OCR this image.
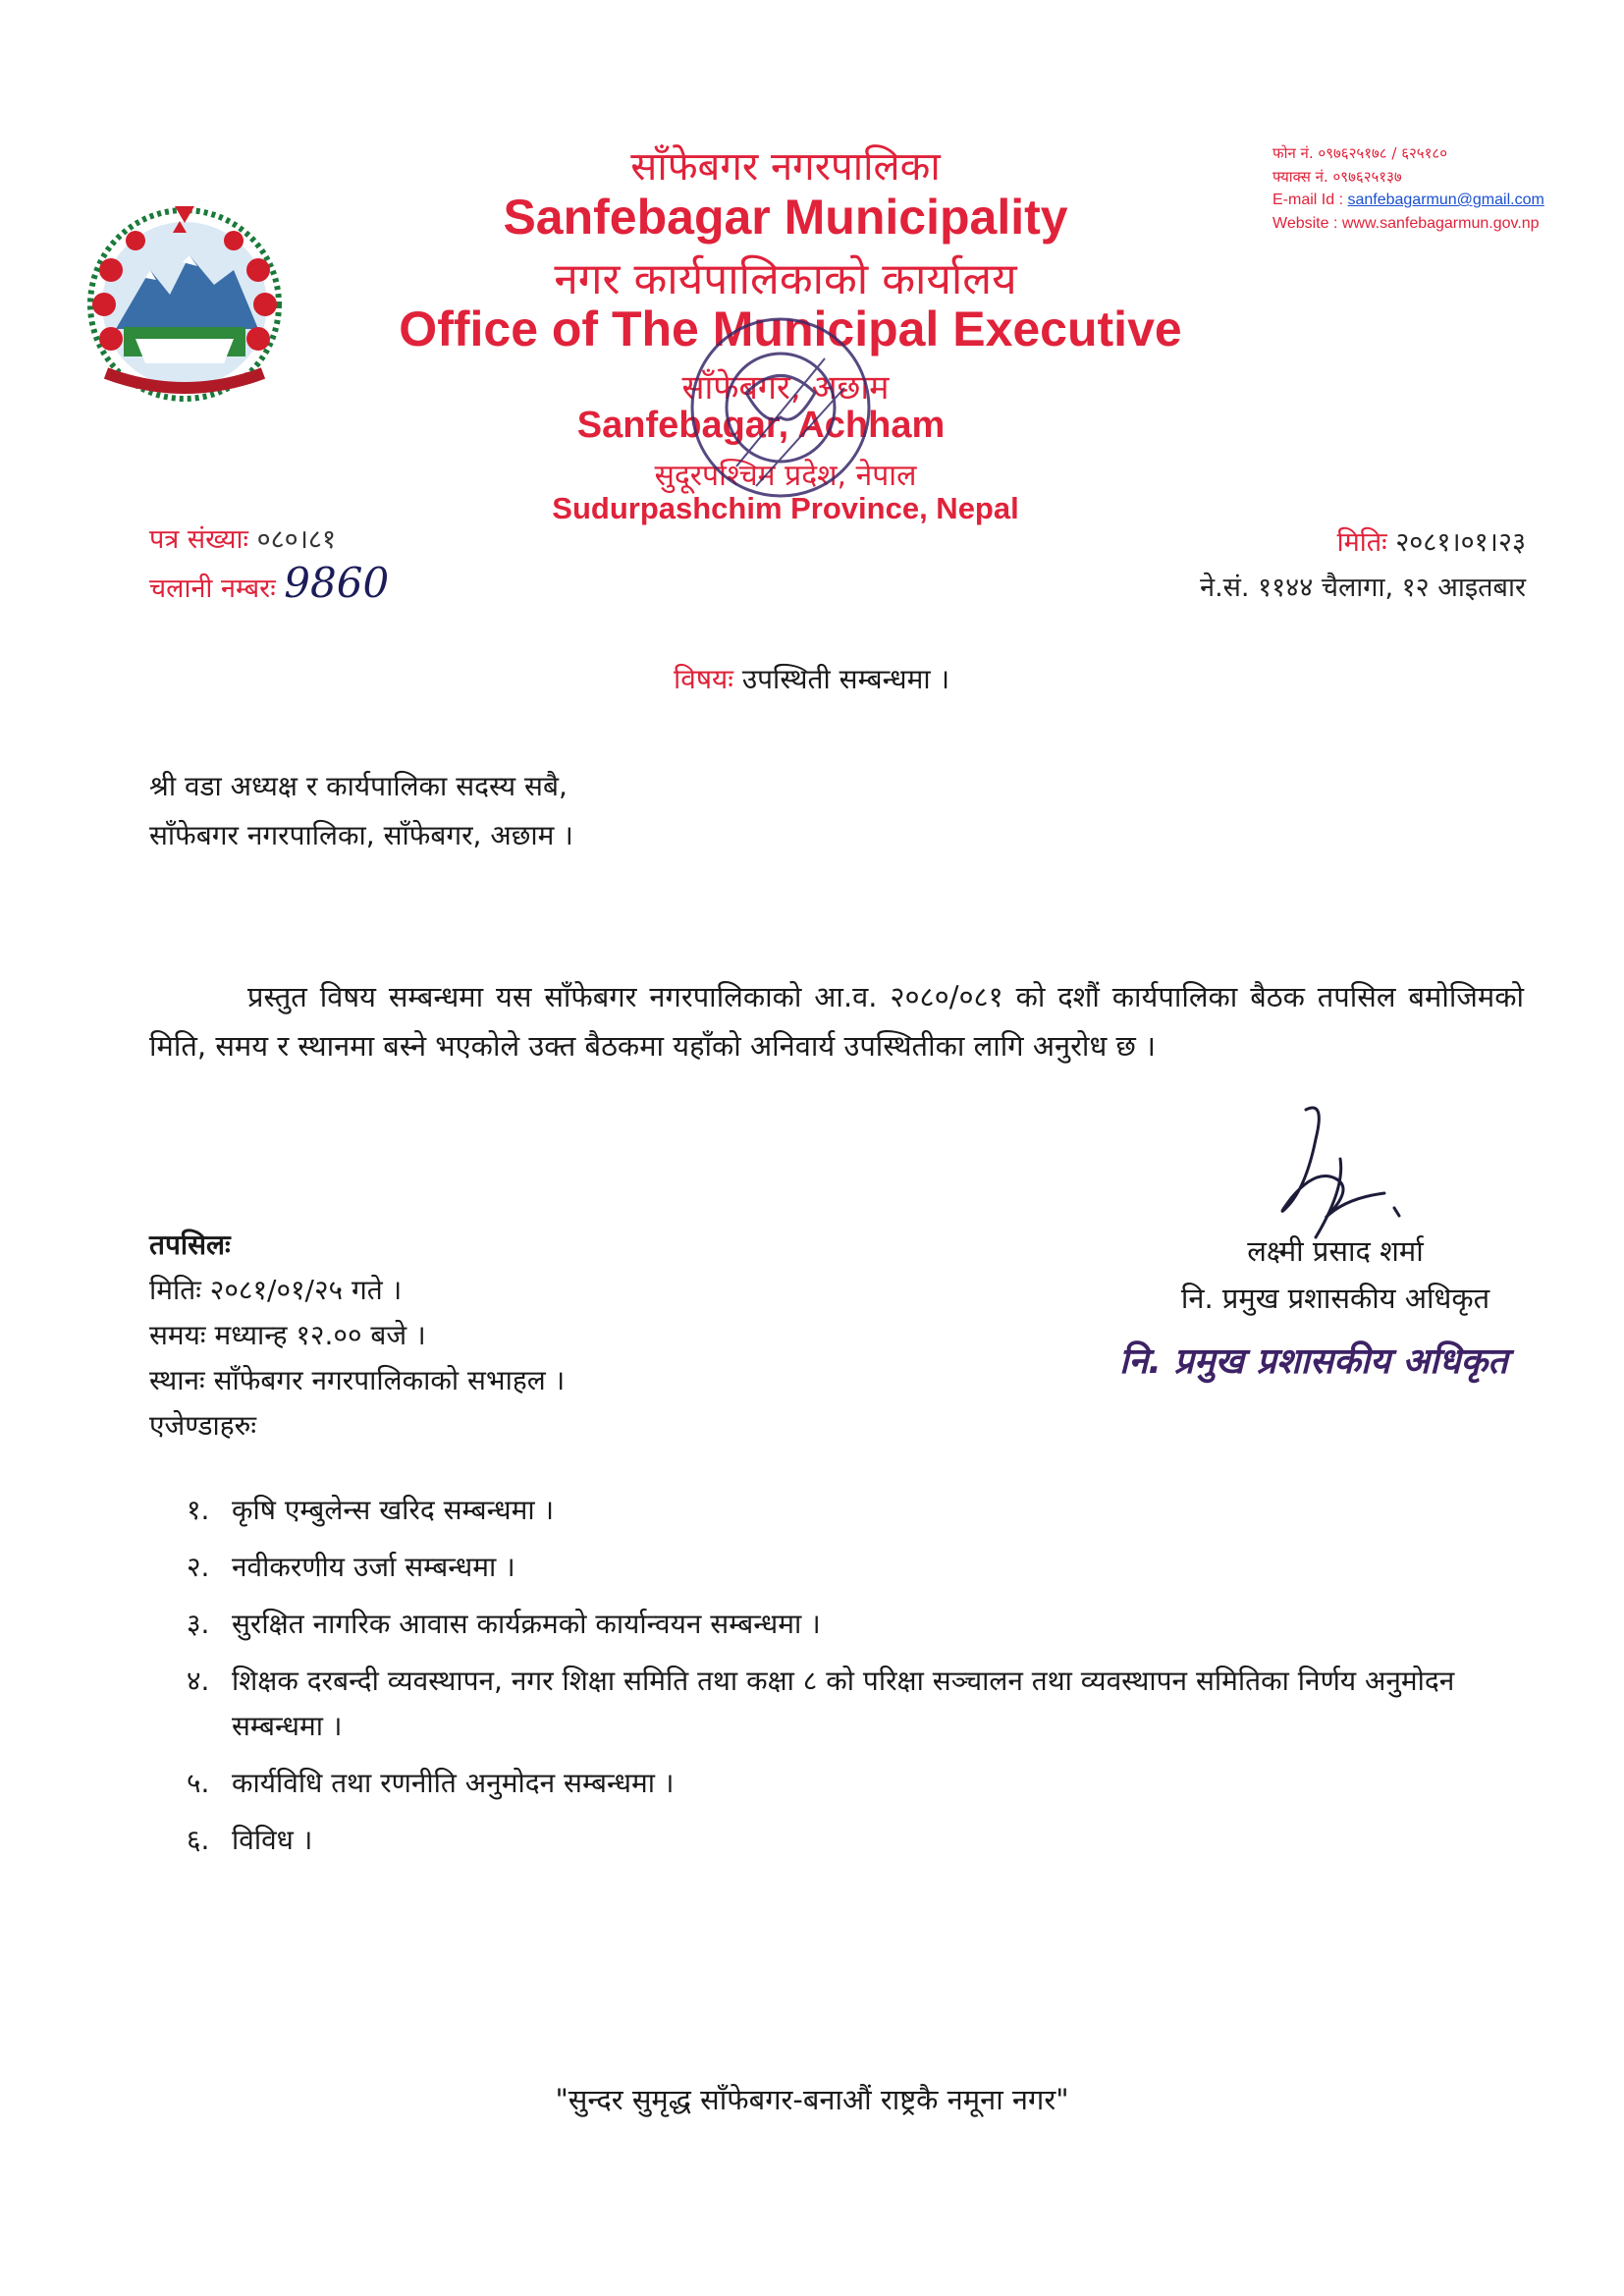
साँफेबगर नगरपालिका
Sanfebagar Municipality
नगर कार्यपालिकाको कार्यालय
Office of The Municipal Executive
साँफेबगर, अछाम
Sanfebagar, Achham
सुदूरपश्चिम प्रदेश, नेपाल
Sudurpashchim Province, Nepal
फोन नं. ०९७६२५१७८ / ६२५१८०
फ्याक्स नं. ०९७६२५१३७
E-mail Id : sanfebagarmun@gmail.com
Website : www.sanfebagarmun.gov.np
पत्र संख्याः ०८०।८१
चलानी नम्बरः 9860
मितिः २०८१।०१।२३
ने.सं. ११४४ चैलागा, १२ आइतबार
विषयः उपस्थिती सम्बन्धमा ।
श्री वडा अध्यक्ष र कार्यपालिका सदस्य सबै,
साँफेबगर नगरपालिका, साँफेबगर, अछाम ।
प्रस्तुत विषय सम्बन्धमा यस साँफेबगर नगरपालिकाको आ.व. २०८०/०८१ को दशौं कार्यपालिका बैठक तपसिल बमोजिमको मिति, समय र स्थानमा बस्ने भएकोले उक्त बैठकमा यहाँको अनिवार्य उपस्थितीका लागि अनुरोध छ ।
लक्ष्मी प्रसाद शर्मा
नि. प्रमुख प्रशासकीय अधिकृत
नि. प्रमुख प्रशासकीय अधिकृत
तपसिलः
मितिः २०८१/०१/२५ गते ।
समयः मध्यान्ह १२.०० बजे ।
स्थानः साँफेबगर नगरपालिकाको सभाहल ।
एजेण्डाहरुः
१. कृषि एम्बुलेन्स खरिद सम्बन्धमा ।
२. नवीकरणीय उर्जा सम्बन्धमा ।
३. सुरक्षित नागरिक आवास कार्यक्रमको कार्यान्वयन सम्बन्धमा ।
४. शिक्षक दरबन्दी व्यवस्थापन, नगर शिक्षा समिति तथा कक्षा ८ को परिक्षा सञ्चालन तथा व्यवस्थापन समितिका निर्णय अनुमोदन सम्बन्धमा ।
५. कार्यविधि तथा रणनीति अनुमोदन सम्बन्धमा ।
६. विविध ।
"सुन्दर सुमृद्ध साँफेबगर-बनाऔं राष्ट्रकै नमूना नगर"
